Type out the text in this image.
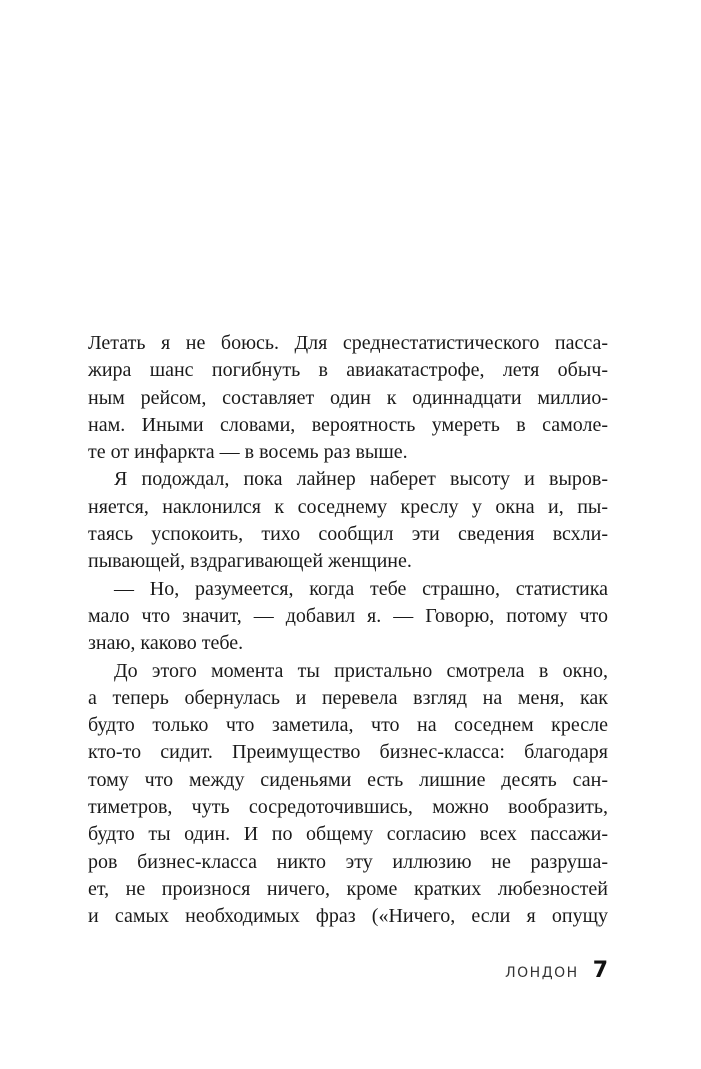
Летать я не боюсь. Для среднестатистического пасса-
жира шанс погибнуть в авиакатастрофе, летя обыч-
ным рейсом, составляет один к одиннадцати миллио-
нам. Иными словами, вероятность умереть в самоле-
те от инфаркта — в восемь раз выше.
Я подождал, пока лайнер наберет высоту и выров-
няется, наклонился к соседнему креслу у окна и, пы-
таясь успокоить, тихо сообщил эти сведения всхли-
пывающей, вздрагивающей женщине.
— Но, разумеется, когда тебе страшно, статистика
мало что значит, — добавил я. — Говорю, потому что
знаю, каково тебе.
До этого момента ты пристально смотрела в окно,
а теперь обернулась и перевела взгляд на меня, как
будто только что заметила, что на соседнем кресле
кто-то сидит. Преимущество бизнес-класса: благодаря
тому что между сиденьями есть лишние десять сан-
тиметров, чуть сосредоточившись, можно вообразить,
будто ты один. И по общему согласию всех пассажи-
ров бизнес-класса никто эту иллюзию не разруша-
ет, не произнося ничего, кроме кратких любезностей
и самых необходимых фраз («Ничего, если я опущу
ЛОНДОН 7
